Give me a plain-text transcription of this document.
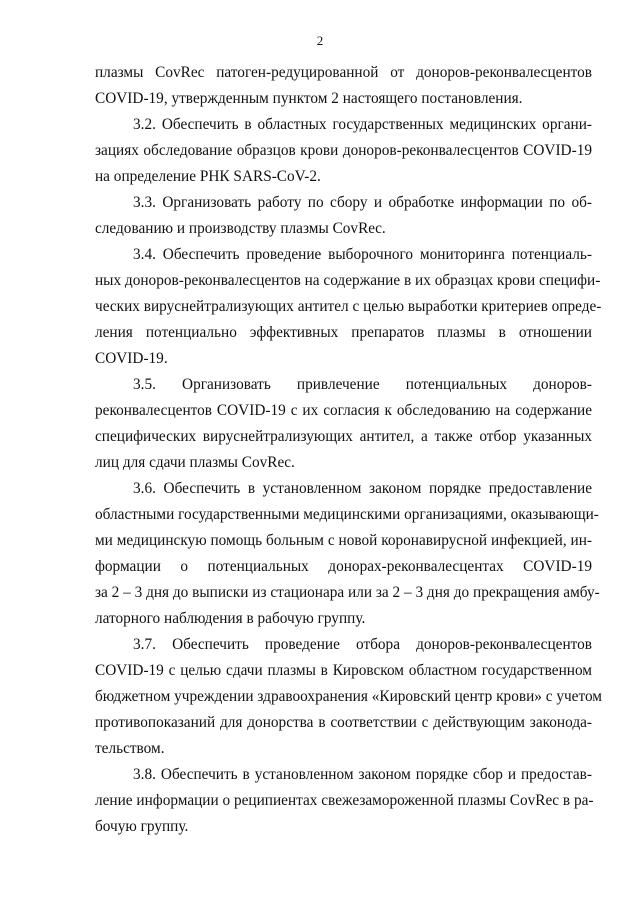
2
плазмы CovRec патоген-редуцированной от доноров-реконвалесцентов
COVID-19, утвержденным пунктом 2 настоящего постановления.
3.2. Обеспечить в областных государственных медицинских органи-
зациях обследование образцов крови доноров-реконвалесцентов COVID-19
на определение РНК SARS-CoV-2.
3.3. Организовать работу по сбору и обработке информации по об-
следованию и производству плазмы CovRec.
3.4. Обеспечить проведение выборочного мониторинга потенциаль-
ных доноров-реконвалесцентов на содержание в их образцах крови специфи-
ческих вируснейтрализующих антител с целью выработки критериев опреде-
ления потенциально эффективных препаратов плазмы в отношении
COVID-19.
3.5. Организовать привлечение потенциальных доноров-
реконвалесцентов COVID-19 с их согласия к обследованию на содержание
специфических вируснейтрализующих антител, а также отбор указанных
лиц для сдачи плазмы CovRec.
3.6. Обеспечить в установленном законом порядке предоставление
областными государственными медицинскими организациями, оказывающи-
ми медицинскую помощь больным с новой коронавирусной инфекцией, ин-
формации о потенциальных донорах-реконвалесцентах COVID-19
за 2 – 3 дня до выписки из стационара или за 2 – 3 дня до прекращения амбу-
латорного наблюдения в рабочую группу.
3.7. Обеспечить проведение отбора доноров-реконвалесцентов
COVID-19 с целью сдачи плазмы в Кировском областном государственном
бюджетном учреждении здравоохранения «Кировский центр крови» с учетом
противопоказаний для донорства в соответствии с действующим законода-
тельством.
3.8. Обеспечить в установленном законом порядке сбор и предостав-
ление информации о реципиентах свежезамороженной плазмы CovRec в ра-
бочую группу.
